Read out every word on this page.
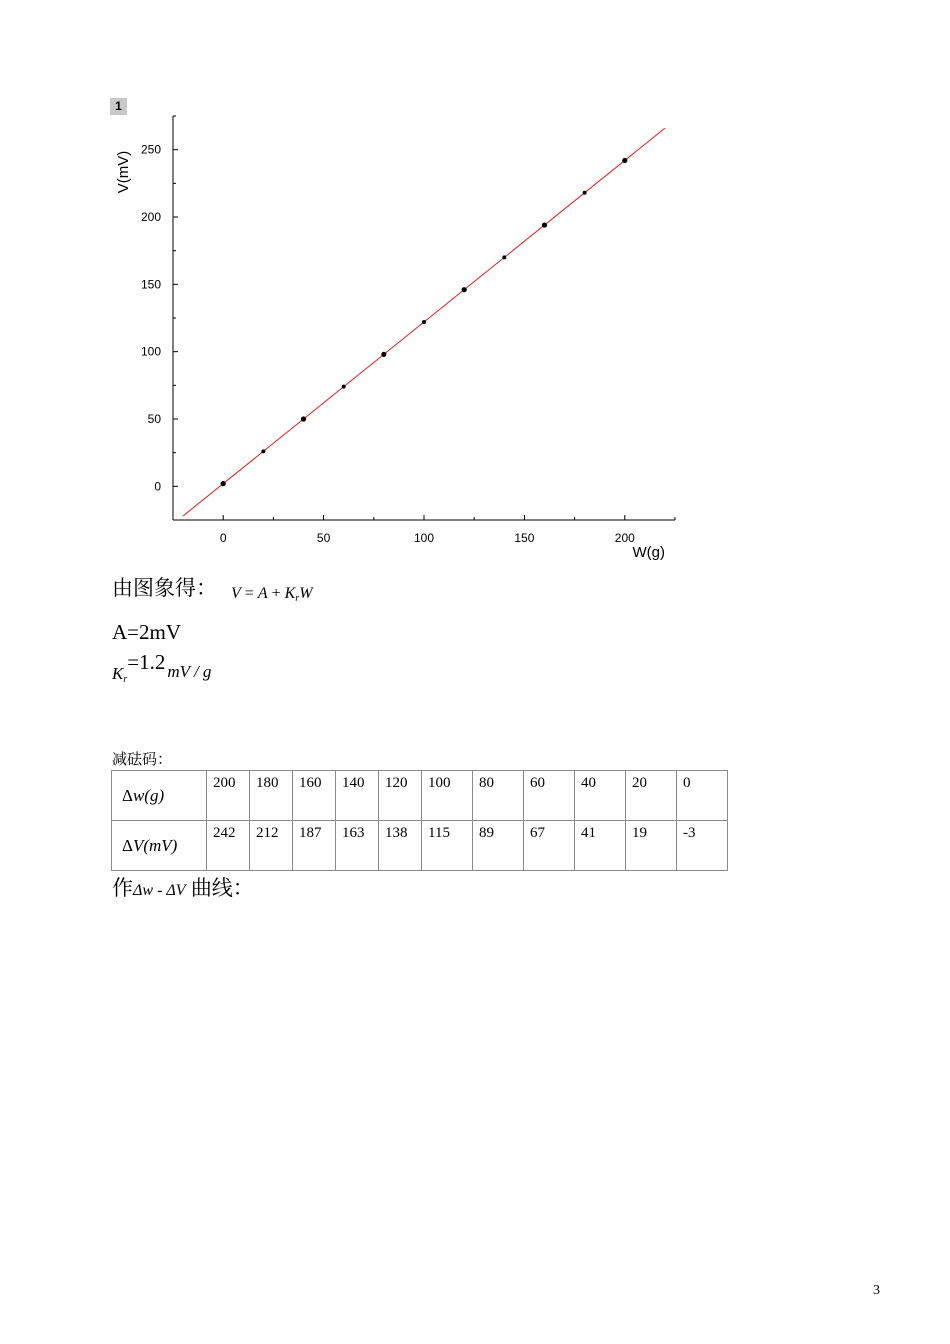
1
0
50
100
150
200
250
0	50	100	150	200
W(g)
V(mV)
由图象得： $V = A + K_rW$
A=2mV
$_{Kr}$=1.2 $_{mV / g}$
减砝码：
Δw(g)	200	180	160	140	120	100	80	60	40	20	0
ΔV(mV)	242	212	187	163	138	115	89	67	41	19	-3
作Δw - ΔV 曲线：
3
